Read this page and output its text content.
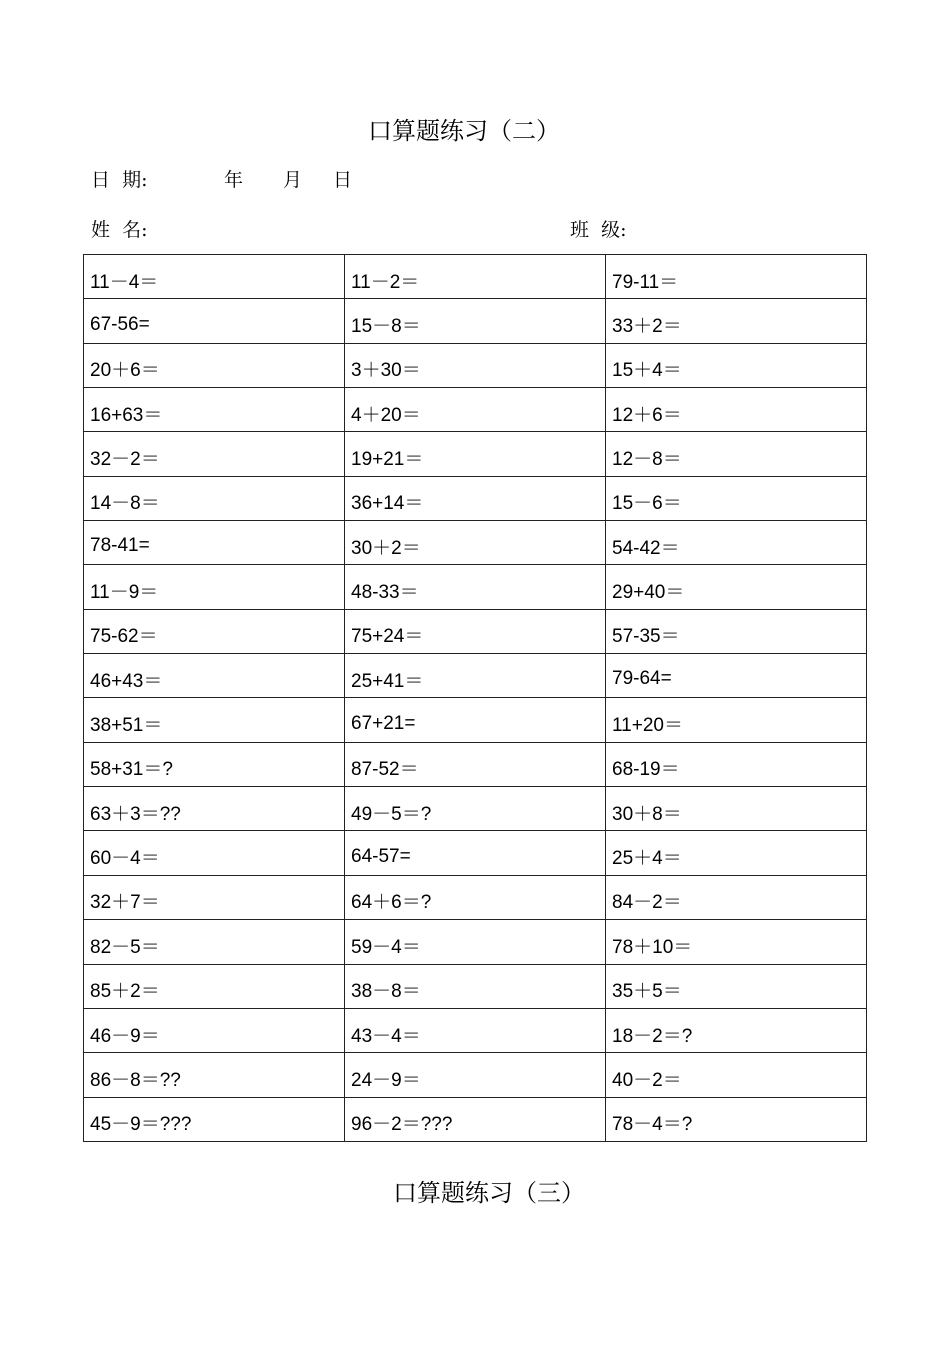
口算题练习（二）
日  期:	年 月 日
姓  名:	班  级:
11－4＝	11－2＝	79-11＝
67-56=	15－8＝	33＋2＝
20＋6＝	3＋30＝	15＋4＝
16+63＝	4＋20＝	12＋6＝
32－2＝	19+21＝	12－8＝
14－8＝	36+14＝	15－6＝
78-41=	30＋2＝	54-42＝
11－9＝	48-33＝	29+40＝
75-62＝	75+24＝	57-35＝
46+43＝	25+41＝	79-64=
38+51＝	67+21=	11+20＝
58+31＝?	87-52＝	68-19＝
63＋3＝??	49－5＝?	30＋8＝
60－4＝	64-57=	25＋4＝
32＋7＝	64＋6＝?	84－2＝
82－5＝	59－4＝	78＋10＝
85＋2＝	38－8＝	35＋5＝
46－9＝	43－4＝	18－2＝?
86－8＝??	24－9＝	40－2＝
45－9＝???	96－2＝???	78－4＝?
口算题练习（三）
